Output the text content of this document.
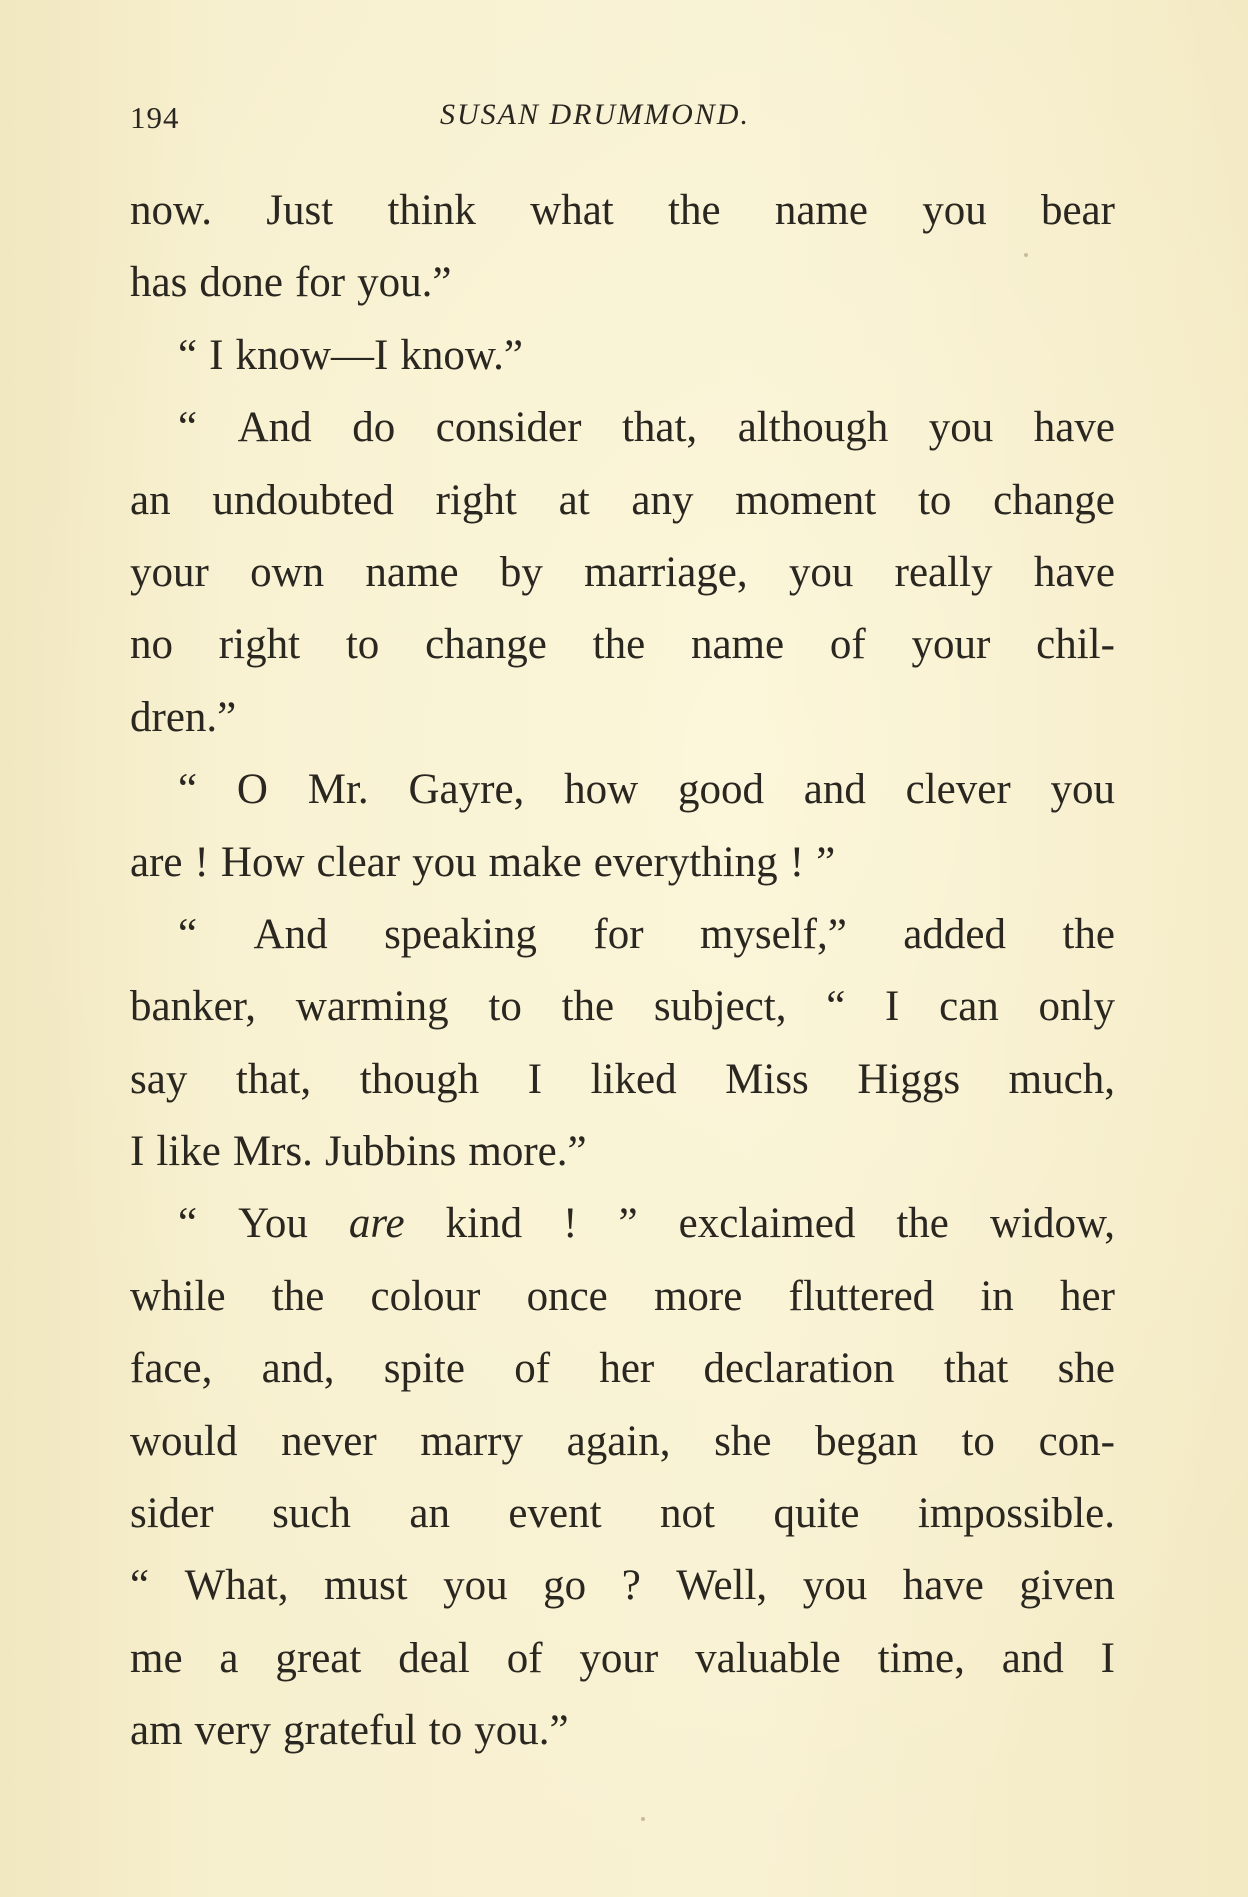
194	SUSAN DRUMMOND.
now. Just think what the name you bear
has done for you.”
“ I know—I know.”
“ And do consider that, although you have
an undoubted right at any moment to change
your own name by marriage, you really have
no right to change the name of your chil-
dren.”
“ O Mr. Gayre, how good and clever you
are ! How clear you make everything ! ”
“ And speaking for myself,” added the
banker, warming to the subject, “ I can only
say that, though I liked Miss Higgs much,
I like Mrs. Jubbins more.”
“ You are kind ! ” exclaimed the widow,
while the colour once more fluttered in her
face, and, spite of her declaration that she
would never marry again, she began to con-
sider such an event not quite impossible.
“ What, must you go ? Well, you have given
me a great deal of your valuable time, and I
am very grateful to you.”
